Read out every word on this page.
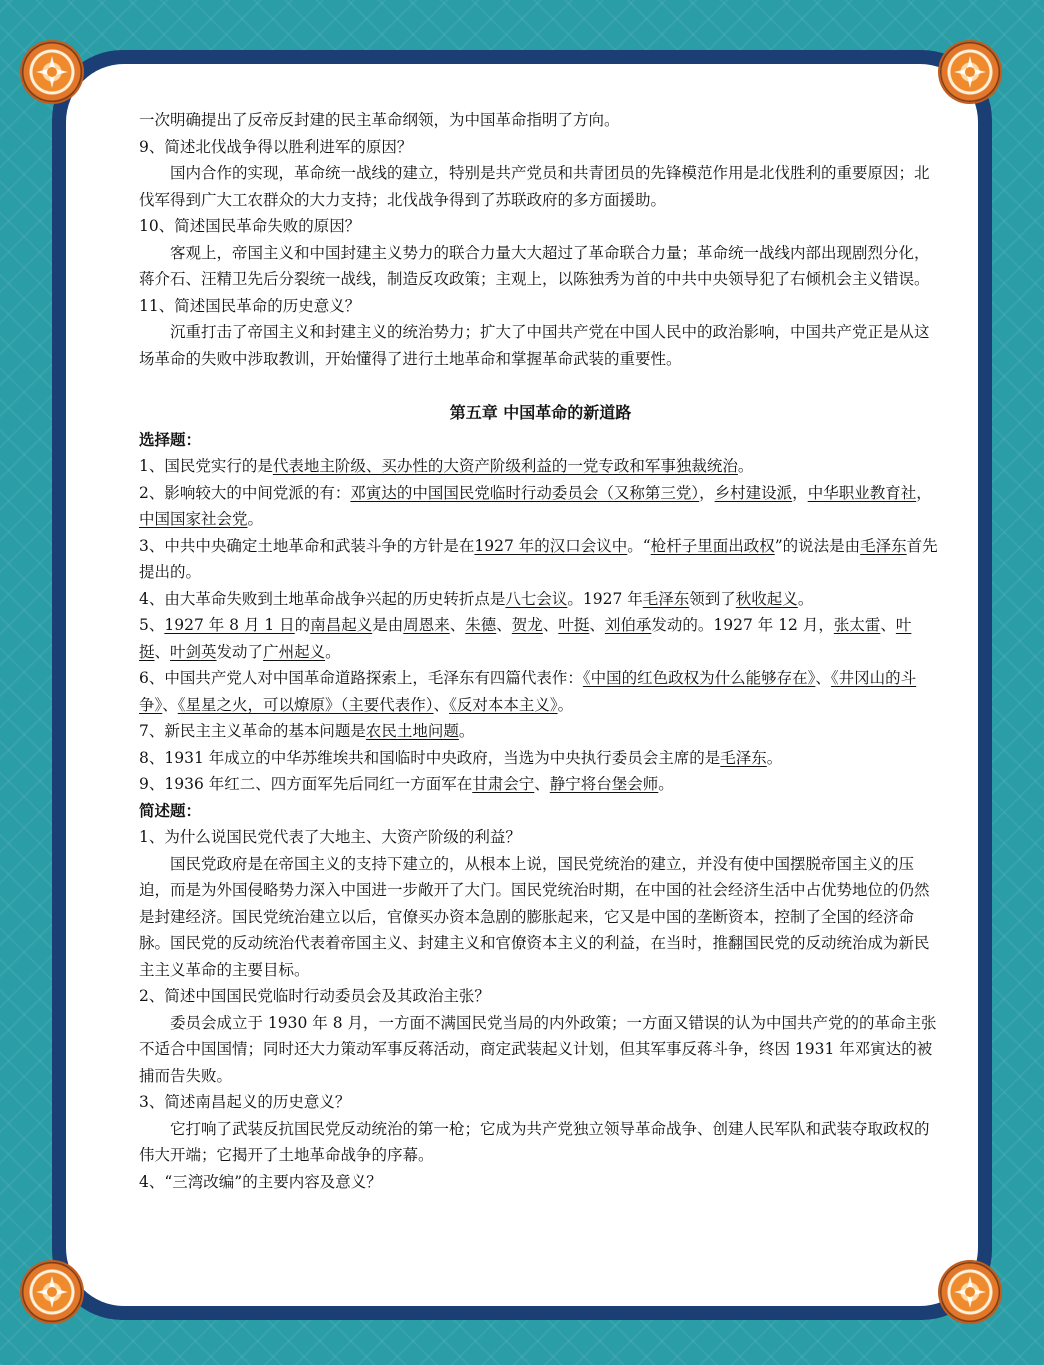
一次明确提出了反帝反封建的民主革命纲领，为中国革命指明了方向。

9、简述北伐战争得以胜利进军的原因？

国内合作的实现，革命统一战线的建立，特别是共产党员和共青团员的先锋模范作用是北伐胜利的重要原因；北伐军得到广大工农群众的大力支持；北伐战争得到了苏联政府的多方面援助。

10、简述国民革命失败的原因？

客观上，帝国主义和中国封建主义势力的联合力量大大超过了革命联合力量；革命统一战线内部出现剧烈分化，蒋介石、汪精卫先后分裂统一战线，制造反攻政策；主观上，以陈独秀为首的中共中央领导犯了右倾机会主义错误。

11、简述国民革命的历史意义？

沉重打击了帝国主义和封建主义的统治势力；扩大了中国共产党在中国人民中的政治影响，中国共产党正是从这场革命的失败中涉取教训，开始懂得了进行土地革命和掌握革命武装的重要性。

第五章 中国革命的新道路

选择题：

1、国民党实行的是代表地主阶级、买办性的大资产阶级利益的一党专政和军事独裁统治。

2、影响较大的中间党派的有：邓寅达的中国国民党临时行动委员会（又称第三党），乡村建设派，中华职业教育社，中国国家社会党。

3、中共中央确定土地革命和武装斗争的方针是在1927 年的汉口会议中。“枪杆子里面出政权”的说法是由毛泽东首先提出的。

4、由大革命失败到土地革命战争兴起的历史转折点是八七会议。1927 年毛泽东领到了秋收起义。

5、1927 年 8 月 1 日的南昌起义是由周恩来、朱德、贺龙、叶挺、刘伯承发动的。1927 年 12 月，张太雷、叶挺、叶剑英发动了广州起义。

6、中国共产党人对中国革命道路探索上，毛泽东有四篇代表作：《中国的红色政权为什么能够存在》、《井冈山的斗争》、《星星之火，可以燎原》（主要代表作）、《反对本本主义》。

7、新民主主义革命的基本问题是农民土地问题。

8、1931 年成立的中华苏维埃共和国临时中央政府，当选为中央执行委员会主席的是毛泽东。

9、1936 年红二、四方面军先后同红一方面军在甘肃会宁、静宁将台堡会师。

简述题：

1、为什么说国民党代表了大地主、大资产阶级的利益？

国民党政府是在帝国主义的支持下建立的，从根本上说，国民党统治的建立，并没有使中国摆脱帝国主义的压迫，而是为外国侵略势力深入中国进一步敞开了大门。国民党统治时期，在中国的社会经济生活中占优势地位的仍然是封建经济。国民党统治建立以后，官僚买办资本急剧的膨胀起来，它又是中国的垄断资本，控制了全国的经济命脉。国民党的反动统治代表着帝国主义、封建主义和官僚资本主义的利益，在当时，推翻国民党的反动统治成为新民主主义革命的主要目标。

2、简述中国国民党临时行动委员会及其政治主张？

委员会成立于 1930 年 8 月，一方面不满国民党当局的内外政策；一方面又错误的认为中国共产党的的革命主张不适合中国国情；同时还大力策动军事反蒋活动，商定武装起义计划，但其军事反蒋斗争，终因 1931 年邓寅达的被捕而告失败。

3、简述南昌起义的历史意义？

它打响了武装反抗国民党反动统治的第一枪；它成为共产党独立领导革命战争、创建人民军队和武装夺取政权的伟大开端；它揭开了土地革命战争的序幕。

4、“三湾改编”的主要内容及意义？
